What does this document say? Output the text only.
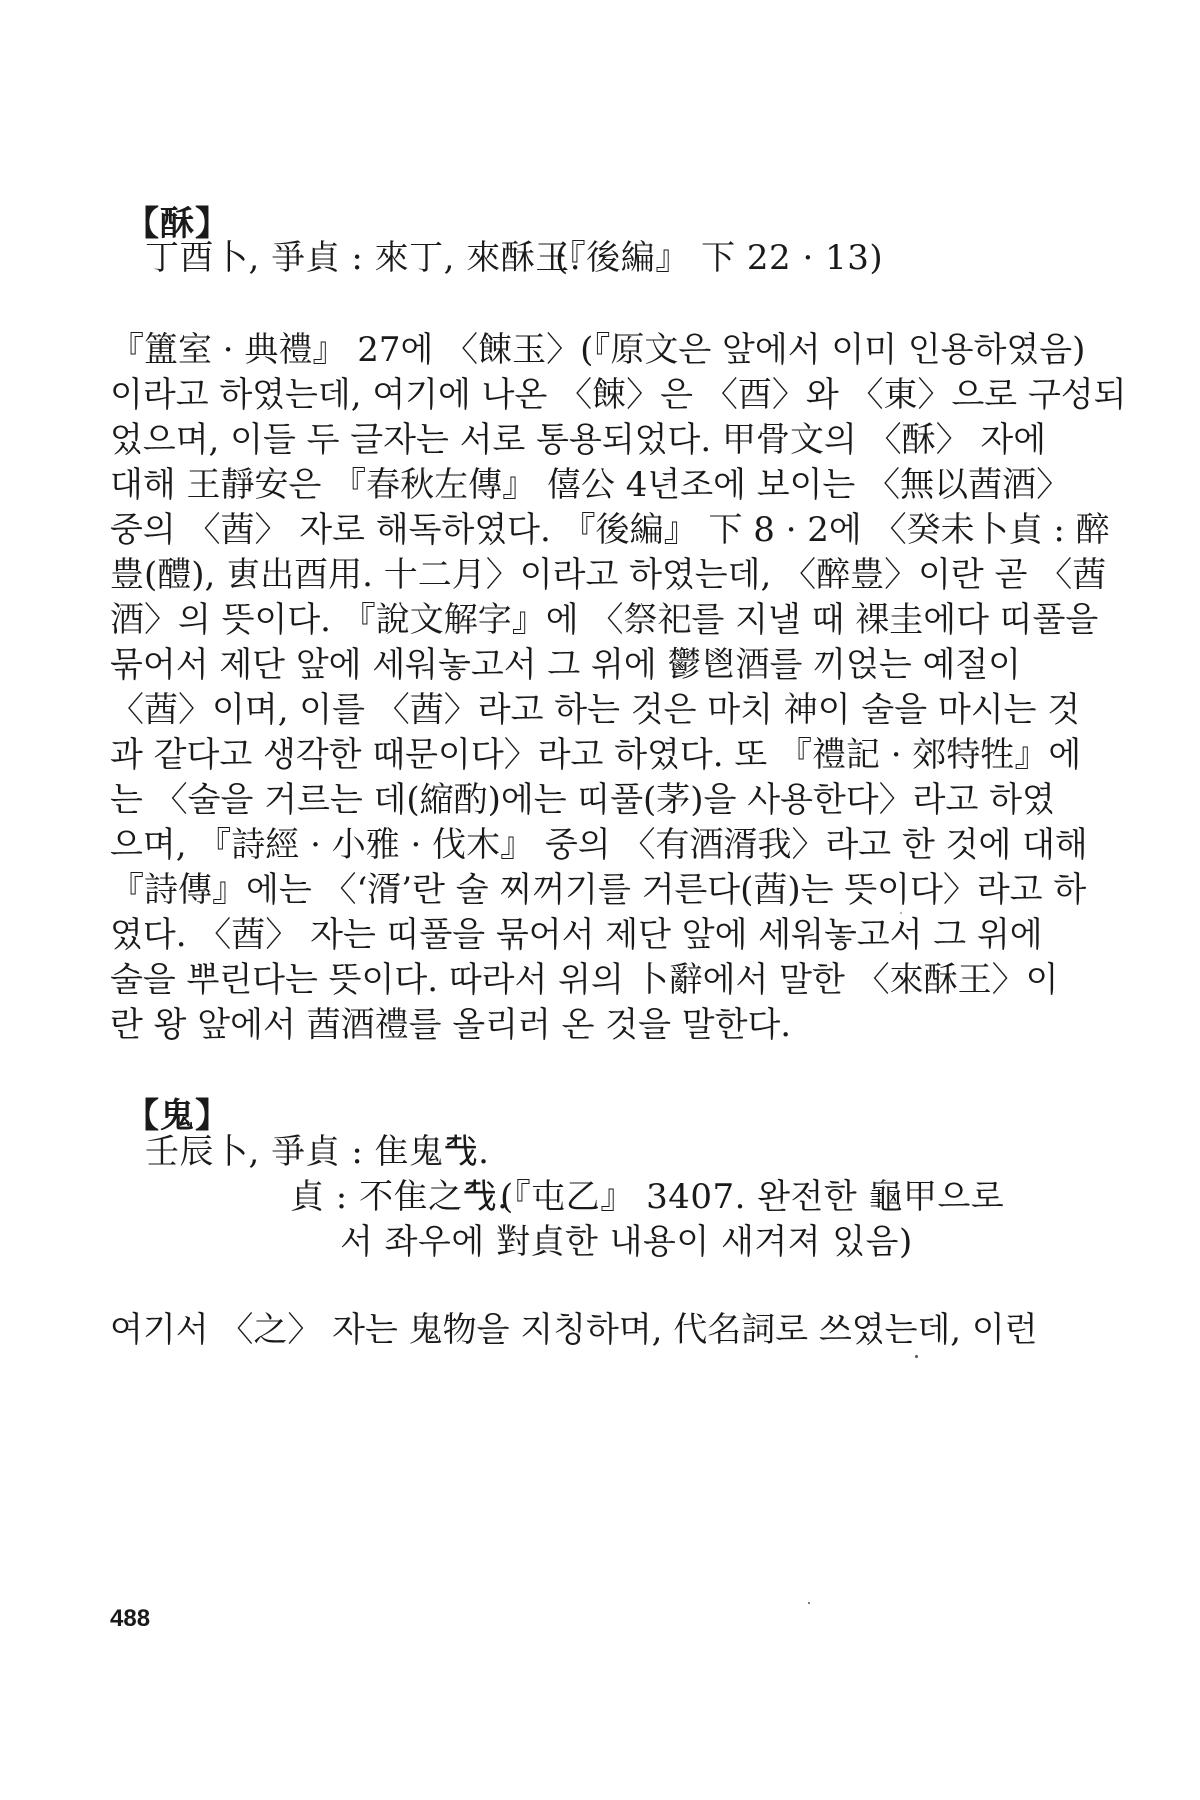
【酥】
丁酉卜, 爭貞 : 來丁, 來酥王.
(『後編』 下 22 · 13)
『簠室 · 典禮』 27에 〈餗玉〉(『原文은 앞에서 이미 인용하였음)
이라고 하였는데, 여기에 나온 〈餗〉은 〈酉〉와 〈東〉으로 구성되
었으며, 이들 두 글자는 서로 통용되었다. 甲骨文의 〈酥〉 자에
대해 王靜安은 『春秋左傳』 僖公 4년조에 보이는 〈無以莤酒〉
중의 〈莤〉 자로 해독하였다. 『後編』 下 8 · 2에 〈癸未卜貞 : 醉
豊(醴), 叀出酉用. 十二月〉이라고 하였는데, 〈醉豊〉이란 곧 〈莤
酒〉의 뜻이다. 『說文解字』에 〈祭祀를 지낼 때 裸圭에다 띠풀을
묶어서 제단 앞에 세워놓고서 그 위에 鬱鬯酒를 끼얹는 예절이
〈莤〉이며, 이를 〈莤〉라고 하는 것은 마치 神이 술을 마시는 것
과 같다고 생각한 때문이다〉라고 하였다. 또 『禮記 · 郊特牲』에
는 〈술을 거르는 데(縮酌)에는 띠풀(茅)을 사용한다〉라고 하였
으며, 『詩經 · 小雅 · 伐木』 중의 〈有酒湑我〉라고 한 것에 대해
『詩傳』에는 〈‘湑’란 술 찌꺼기를 거른다(莤)는 뜻이다〉라고 하
였다. 〈莤〉 자는 띠풀을 묶어서 제단 앞에 세워놓고서 그 위에
술을 뿌린다는 뜻이다. 따라서 위의 卜辭에서 말한 〈來酥王〉이
란 왕 앞에서 莤酒禮를 올리러 온 것을 말한다.
【鬼】
壬辰卜, 爭貞 : 隹鬼𢦔.
貞 : 不隹之𢦔.
(『屯乙』 3407. 완전한 龜甲으로
서 좌우에 對貞한 내용이 새겨져 있음)
여기서 〈之〉 자는 鬼物을 지칭하며, 代名詞로 쓰였는데, 이런
488
